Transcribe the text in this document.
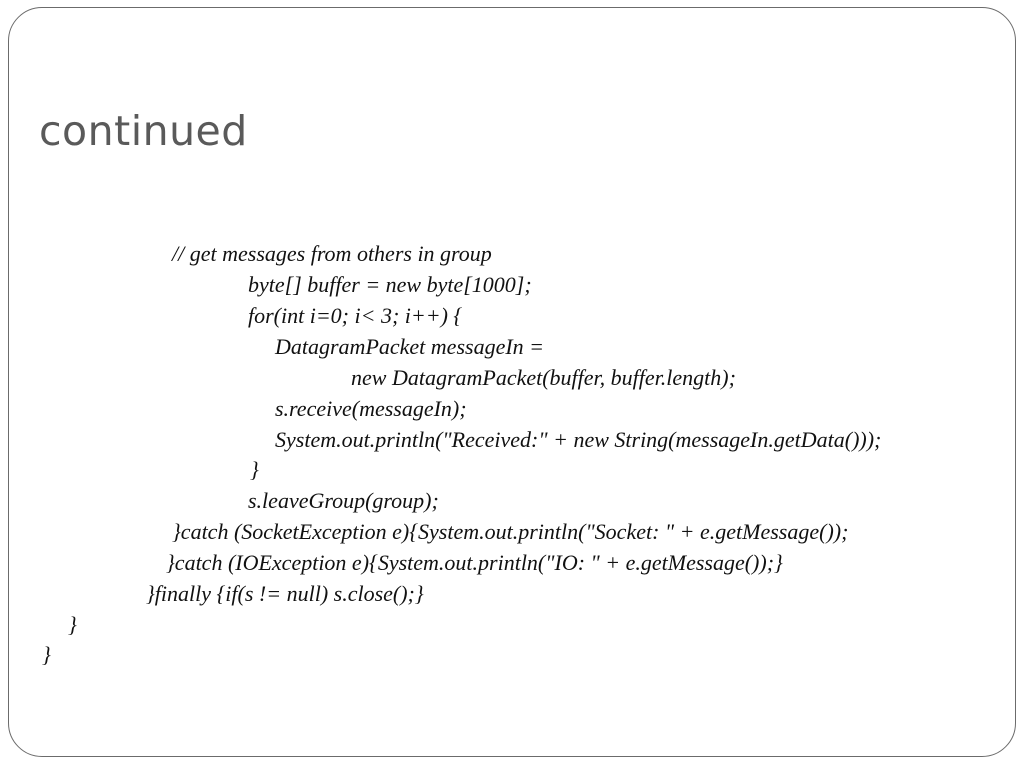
continued

// get messages from others in group

byte[] buffer = new byte[1000];

for(int i=0; i< 3; i++) {

DatagramPacket messageIn =

new DatagramPacket(buffer, buffer.length);

s.receive(messageIn);

System.out.println("Received:" + new String(messageIn.getData()));

}

s.leaveGroup(group);

}catch (SocketException e){System.out.println("Socket: " + e.getMessage());

}catch (IOException e){System.out.println("IO: " + e.getMessage());}

}finally {if(s != null) s.close();}

}

}
